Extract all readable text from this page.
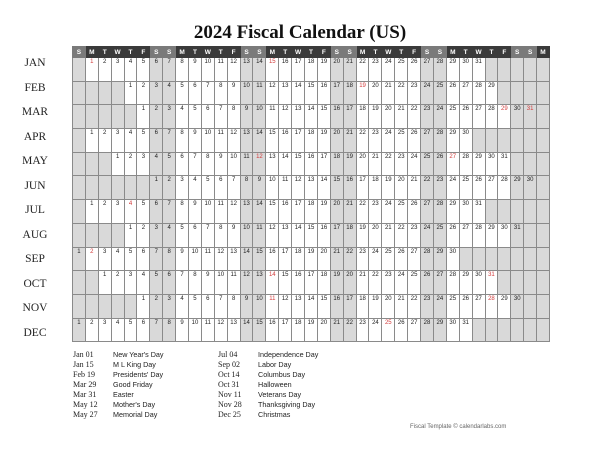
2024 Fiscal Calendar (US)
JAN
FEB
MAR
APR
MAY
JUN
JUL
AUG
SEP
OCT
NOV
DEC
S	M	T	W	T	F	S	S	M	T	W	T	F	S	S	M	T	W	T	F	S	S	M	T	W	T	F	S	S	M	T	W	T	F	S	S	M
	1	2	3	4	5	6	7	8	9	10	11	12	13	14	15	16	17	18	19	20	21	22	23	24	25	26	27	28	29	30	31					
				1	2	3	4	5	6	7	8	9	10	11	12	13	14	15	16	17	18	19	20	21	22	23	24	25	26	27	28	29				
					1	2	3	4	5	6	7	8	9	10	11	12	13	14	15	16	17	18	19	20	21	22	23	24	25	26	27	28	29	30	31	
	1	2	3	4	5	6	7	8	9	10	11	12	13	14	15	16	17	18	19	20	21	22	23	24	25	26	27	28	29	30						
			1	2	3	4	5	6	7	8	9	10	11	12	13	14	15	16	17	18	19	20	21	22	23	24	25	26	27	28	29	30	31			
						1	2	3	4	5	6	7	8	9	10	11	12	13	14	15	16	17	18	19	20	21	22	23	24	25	26	27	28	29	30	
	1	2	3	4	5	6	7	8	9	10	11	12	13	14	15	16	17	18	19	20	21	22	23	24	25	26	27	28	29	30	31					
				1	2	3	4	5	6	7	8	9	10	11	12	13	14	15	16	17	18	19	20	21	22	23	24	25	26	27	28	29	30	31		
1	2	3	4	5	6	7	8	9	10	11	12	13	14	15	16	17	18	19	20	21	22	23	24	25	26	27	28	29	30							
		1	2	3	4	5	6	7	8	9	10	11	12	13	14	15	16	17	18	19	20	21	22	23	24	25	26	27	28	29	30	31				
					1	2	3	4	5	6	7	8	9	10	11	12	13	14	15	16	17	18	19	20	21	22	23	24	25	26	27	28	29	30		
1	2	3	4	5	6	7	8	9	10	11	12	13	14	15	16	17	18	19	20	21	22	23	24	25	26	27	28	29	30	31						
Jan 01	New Year's Day
Jan 15	M L King Day
Feb 19	Presidents' Day
Mar 29 Good Friday
Mar 31 Easter
May 12 Mother's Day
May 27 Memorial Day
Jul 04	Independence Day
Sep 02	Labor Day
Oct 14	Columbus Day
Oct 31	Halloween
Nov 11 Veterans Day
Nov 28 Thanksgiving Day
Dec 25 Christmas
Fiscal Template © calendarlabs.com
